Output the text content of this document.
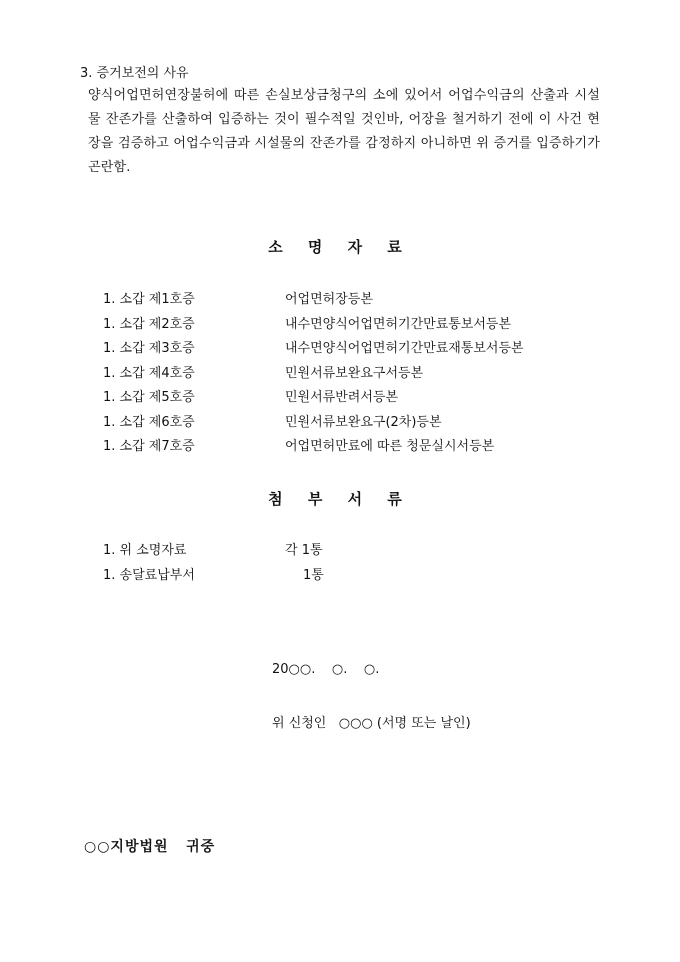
3. 증거보전의 사유
양식어업면허연장불허에 따른 손실보상금청구의 소에 있어서 어업수익금의 산출과 시설물 잔존가를 산출하여 입증하는 것이 필수적일 것인바, 어장을 철거하기 전에 이 사건 현장을 검증하고 어업수익금과 시설물의 잔존가를 감정하지 아니하면 위 증거를 입증하기가 곤란함.
소 명 자 료
1. 소갑 제1호증	어업면허장등본
1. 소갑 제2호증	내수면양식어업면허기간만료통보서등본
1. 소갑 제3호증	내수면양식어업면허기간만료재통보서등본
1. 소갑 제4호증	민원서류보완요구서등본
1. 소갑 제5호증	민원서류반려서등본
1. 소갑 제6호증	민원서류보완요구(2차)등본
1. 소갑 제7호증	어업면허만료에 따른 청문실시서등본
첨 부 서 류
1. 위 소명자료	각 1통
1. 송달료납부서	1통
20○○.    ○.    ○.
위 신청인   ○○○ (서명 또는 날인)
○○지방법원   귀중
